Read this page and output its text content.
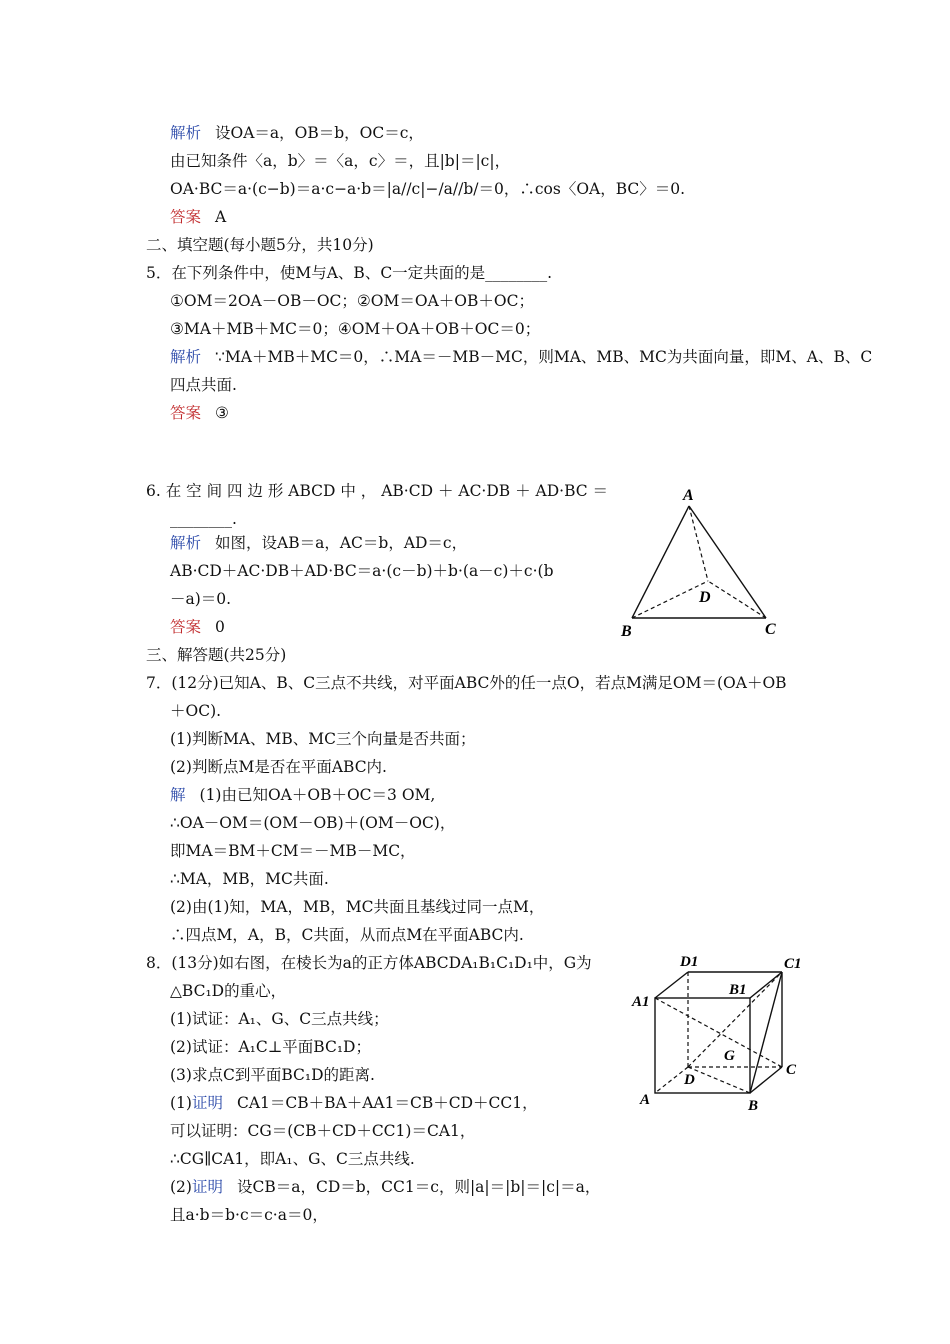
解析 设OA＝a，OB＝b，OC＝c，
由已知条件〈a，b〉＝〈a，c〉＝，且|b|＝|c|，
OA·BC＝a·(c−b)＝a·c−a·b＝|a//c|−/a//b/＝0，∴cos〈OA，BC〉＝0.
答案 A
二、填空题(每小题5分，共10分)
5．在下列条件中，使M与A、B、C一定共面的是________.
①OM＝2OA－OB－OC；②OM＝OA＋OB＋OC；
③MA＋MB＋MC＝0；④OM＋OA＋OB＋OC＝0；
解析 ∵MA＋MB＋MC＝0，∴MA＝－MB－MC，则MA、MB、MC为共面向量，即M、A、B、C
四点共面.
答案 ③
6. 在 空 间 四 边 形 ABCD 中 ， AB·CD ＋ AC·DB ＋ AD·BC ＝
________.
解析 如图，设AB＝a，AC＝b，AD＝c，
AB·CD＋AC·DB＋AD·BC＝a·(c－b)＋b·(a－c)＋c·(b
－a)＝0.
答案 0
三、解答题(共25分)
7．(12分)已知A、B、C三点不共线，对平面ABC外的任一点O，若点M满足OM＝(OA＋OB
＋OC).
(1)判断MA、MB、MC三个向量是否共面；
(2)判断点M是否在平面ABC内.
解 (1)由已知OA＋OB＋OC＝3 OM,
∴OA－OM＝(OM－OB)＋(OM－OC)，
即MA＝BM＋CM＝－MB－MC，
∴MA，MB，MC共面.
(2)由(1)知，MA，MB，MC共面且基线过同一点M，
∴四点M，A，B，C共面，从而点M在平面ABC内.
8．(13分)如右图，在棱长为a的正方体ABCDA₁B₁C₁D₁中，G为
△BC₁D的重心，
(1)试证：A₁、G、C三点共线；
(2)试证：A₁C⊥平面BC₁D；
(3)求点C到平面BC₁D的距离.
(1)证明 CA1＝CB＋BA＋AA1＝CB＋CD＋CC1，
可以证明：CG＝(CB＋CD＋CC1)＝CA1，
∴CG∥CA1，即A₁、G、C三点共线.
(2)证明 设CB＝a，CD＝b，CC1＝c，则|a|＝|b|＝|c|＝a，
且a·b＝b·c＝c·a＝0，
A
B	C
D
D1	C1
A1
B1
G
D
C
A	B
